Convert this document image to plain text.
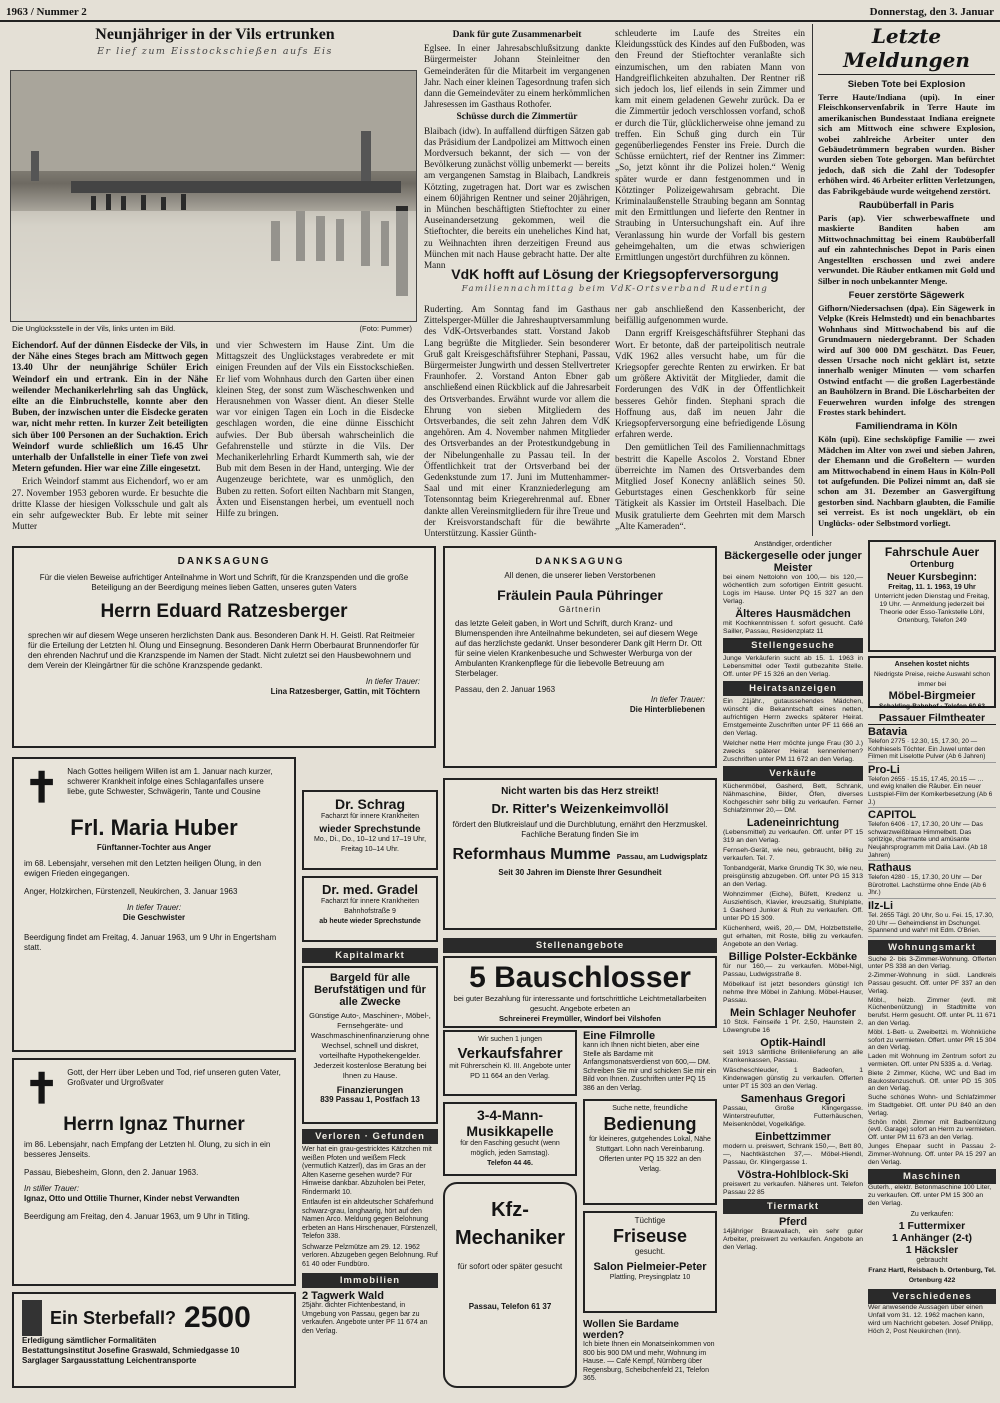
1963 / Nummer 2	Donnerstag, den 3. Januar
Neunjähriger in der Vils ertrunken
Er lief zum Eisstockschießen aufs Eis
Die Unglücksstelle in der Vils, links unten im Bild.	(Foto: Pummer)

Eichendorf. Auf der dünnen Eisdecke der Vils, in der Nähe eines Steges brach am Mittwoch gegen 13.40 Uhr der neunjährige Schüler Erich Weindorf ein und ertrank. Ein in der Nähe weilender Mechanikerlehrling sah das Unglück, eilte an die Einbruchstelle, konnte aber den Buben, der inzwischen unter die Eisdecke geraten war, nicht mehr retten. In kurzer Zeit beteiligten sich über 100 Personen an der Suchaktion. Erich Weindorf wurde schließlich um 16.45 Uhr unterhalb der Unfallstelle in einer Tiefe von zwei Metern gefunden. Hier war eine Zille eingesetzt.

Erich Weindorf stammt aus Eichendorf, wo er am 27. November 1953 geboren wurde. Er besuchte die dritte Klasse der hiesigen Volksschule und galt als ein sehr aufgeweckter Bub. Er lebte mit seiner Mutter

und vier Schwestern im Hause Zint. Um die Mittagszeit des Unglückstages verabredete er mit einigen Freunden auf der Vils ein Eisstockschießen. Er lief vom Wohnhaus durch den Garten über einen kleinen Steg, der sonst zum Wäscheschwenken und Herausnehmen von Wasser dient. An dieser Stelle war vor einigen Tagen ein Loch in die Eisdecke geschlagen worden, die eine dünne Eisschicht aufwies. Der Bub übersah wahrscheinlich die Gefahrenstelle und stürzte in die Vils. Der Mechanikerlehrling Erhardt Kummerth sah, wie der Bub mit dem Besen in der Hand, unterging. Wie der Augenzeuge berichtete, war es unmöglich, den Buben zu retten. Sofort eilten Nachbarn mit Stangen, Äxten und Eisenstangen herbei, um eventuell noch Hilfe zu bringen.

Dank für gute Zusammenarbeit

Eglsee. In einer Jahresabschlußsitzung dankte Bürgermeister Johann Steinleitner den Gemeinderäten für die Mitarbeit im vergangenen Jahr. Nach einer kleinen Tagesordnung trafen sich dann die Gemeindeväter zu einem herkömmlichen Jahresessen im Gasthaus Rothofer.

Schüsse durch die Zimmertür

Blaibach (idw). In auffallend dürftigen Sätzen gab das Präsidium der Landpolizei am Mittwoch einen Mordversuch bekannt, der sich — von der Bevölkerung zunächst völlig unbemerkt — bereits am vergangenen Samstag in Blaibach, Landkreis Kötzting, zugetragen hat. Dort war es zwischen einem 60jährigen Rentner und seiner 20jährigen, in München beschäftigten Stieftochter zu einer Auseinandersetzung gekommen, weil die Stieftochter, die bereits ein uneheliches Kind hat, zu Weihnachten ihren derzeitigen Freund aus München mit nach Hause gebracht hatte. Der alte Mann

schleuderte im Laufe des Streites ein Kleidungsstück des Kindes auf den Fußboden, was den Freund der Stieftochter veranlaßte sich einzumischen, um den rabiaten Mann von Handgreiflichkeiten abzuhalten. Der Rentner riß sich jedoch los, lief eilends in sein Zimmer und kam mit einem geladenen Gewehr zurück. Da er die Zimmertür jedoch verschlossen vorfand, schoß er durch die Tür, glücklicherweise ohne jemand zu treffen. Ein Schuß ging durch ein Tür gegenüberliegendes Fenster ins Freie. Durch die Schüsse ernüchtert, rief der Rentner ins Zimmer: „So, jetzt könnt ihr die Polizei holen.“ Wenig später wurde er dann festgenommen und in Kötztinger Polizeigewahrsam gebracht. Die Kriminalaußenstelle Straubing begann am Sonntag mit den Ermittlungen und lieferte den Rentner in Straubing in Untersuchungshaft ein. Auf ihre Veranlassung hin wurde der Vorfall bis gestern geheimgehalten, um die etwas schwierigen Ermittlungen ungestört durchführen zu können.

VdK hofft auf Lösung der Kriegsopferversorgung
Familiennachmittag beim VdK-Ortsverband Ruderting

Ruderting. Am Sonntag fand im Gasthaus Zittelsperger-Müller die Jahreshauptversammlung des VdK-Ortsverbandes statt. Vorstand Jakob Lang begrüßte die Mitglieder. Sein besonderer Gruß galt Kreisgeschäftsführer Stephani, Passau, Bürgermeister Jungwirth und dessen Stellvertreter Fraunhofer. 2. Vorstand Anton Ebner gab anschließend einen Rückblick auf die Jahresarbeit des Ortsverbandes. Erwähnt wurde vor allem die Ehrung von sieben Mitgliedern des Ortsverbandes, die seit zehn Jahren dem VdK angehören. Am 4. November nahmen Mitglieder des Ortsverbandes an der Protestkundgebung in der Nibelungenhalle zu Passau teil. In der Öffentlichkeit trat der Ortsverband bei der Gedenkstunde zum 17. Juni im Muttenhammer-Saal und mit einer Kranzniederlegung am Totensonntag beim Kriegerehrenmal auf. Ebner dankte allen Vereinsmitgliedern für ihre Treue und der Kreisvorstandschaft für die bewährte Unterstützung. Kassier Günth-

ner gab anschließend den Kassenbericht, der beifällig aufgenommen wurde.

Dann ergriff Kreisgeschäftsführer Stephani das Wort. Er betonte, daß der parteipolitisch neutrale VdK 1962 alles versucht habe, um für die Kriegsopfer gerechte Renten zu erwirken. Er bat um größere Aktivität der Mitglieder, damit die Forderungen des VdK in der Öffentlichkeit besseres Gehör finden. Stephani sprach die Hoffnung aus, daß im neuen Jahr die Kriegsopferversorgung eine befriedigende Lösung erfahren werde.

Den gemütlichen Teil des Familiennachmittags bestritt die Kapelle Ascolos 2. Vorstand Ebner überreichte im Namen des Ortsverbandes dem Mitglied Josef Konecny anläßlich seines 50. Geburtstages einen Geschenkkorb für seine Tätigkeit als Kassier im Ortsteil Haselbach. Die Musik gratulierte dem Geehrten mit dem Marsch „Alte Kameraden“.

Letzte Meldungen
Sieben Tote bei Explosion
Terre Haute/Indiana (upi). In einer Fleischkonservenfabrik in Terre Haute im amerikanischen Bundesstaat Indiana ereignete sich am Mittwoch eine schwere Explosion, wobei zahlreiche Arbeiter unter den Gebäudetrümmern begraben wurden. Bisher wurden sieben Tote geborgen. Man befürchtet jedoch, daß sich die Zahl der Todesopfer erhöhen wird. 46 Arbeiter erlitten Verletzungen, das Fabrikgebäude wurde weitgehend zerstört.
Raubüberfall in Paris
Paris (ap). Vier schwerbewaffnete und maskierte Banditen haben am Mittwochnachmittag bei einem Raubüberfall auf ein zahntechnisches Depot in Paris einen Angestellten erschossen und zwei andere verwundet. Die Räuber entkamen mit Gold und Silber in noch unbekannter Menge.
Feuer zerstörte Sägewerk
Gifhorn/Niedersachsen (dpa). Ein Sägewerk in Velpke (Kreis Helmstedt) und ein benachbartes Wohnhaus sind Mittwochabend bis auf die Grundmauern niedergebrannt. Der Schaden wird auf 300 000 DM geschätzt. Das Feuer, dessen Ursache noch nicht geklärt ist, setzte innerhalb weniger Minuten — vom scharfen Ostwind entfacht — die großen Lagerbestände an Bauhölzern in Brand. Die Löscharbeiten der Feuerwehren wurden infolge des strengen Frostes stark behindert.
Familiendrama in Köln
Köln (upi). Eine sechsköpfige Familie — zwei Mädchen im Alter von zwei und sieben Jahren, der Ehemann und die Großeltern — wurden am Mittwochabend in einem Haus in Köln-Poll tot aufgefunden. Die Polizei nimmt an, daß sie schon am 31. Dezember an Gasvergiftung gestorben sind. Nachbarn glaubten, die Familie sei verreist. Es ist noch ungeklärt, ob ein Unglücks- oder Selbstmord vorliegt.
DANKSAGUNG
Für die vielen Beweise aufrichtiger Anteilnahme in Wort und Schrift, für die Kranzspenden und die große Beteiligung an der Beerdigung meines lieben Gatten, unseres guten Vaters
Herrn Eduard Ratzesberger
sprechen wir auf diesem Wege unseren herzlichsten Dank aus. Besonderen Dank H. H. Geistl. Rat Reitmeier für die Erteilung der Letzten hl. Ölung und Einsegnung. Besonderen Dank Herrn Oberbaurat Brunnendorfer für den ehrenden Nachruf und die Kranzspende im Namen der Stadt. Nicht zuletzt sei den Hausbewohnern und dem Verein der Kleingärtner für die schöne Kranzspende gedankt.
In tiefer Trauer:
Lina Ratzesberger, Gattin, mit Töchtern
DANKSAGUNG
All denen, die unserer lieben Verstorbenen
Fräulein Paula Pühringer
Gärtnerin
das letzte Geleit gaben, in Wort und Schrift, durch Kranz- und Blumenspenden ihre Anteilnahme bekundeten, sei auf diesem Wege auf das herzlichste gedankt. Unser besonderer Dank gilt Herrn Dr. Ott für seine vielen Krankenbesuche und Schwester Werburga von der Ambulanten Krankenpflege für die liebevolle Betreuung am Sterbelager.
Passau, den 2. Januar 1963
In tiefer Trauer:
Die Hinterbliebenen
✝ Nach Gottes heiligem Willen ist am 1. Januar nach kurzer, schwerer Krankheit infolge eines Schlaganfalles unsere liebe, gute Schwester, Schwägerin, Tante und Cousine
Frl. Maria Huber
Fünftanner-Tochter aus Anger
im 68. Lebensjahr, versehen mit den Letzten heiligen Ölung, in den ewigen Frieden eingegangen.
Anger, Holzkirchen, Fürstenzell, Neukirchen, 3. Januar 1963
In tiefer Trauer:
Die Geschwister
Beerdigung findet am Freitag, 4. Januar 1963, um 9 Uhr in Engertsham statt.
✝ Gott, der Herr über Leben und Tod, rief unseren guten Vater, Großvater und Urgroßvater
Herrn Ignaz Thurner
im 86. Lebensjahr, nach Empfang der Letzten hl. Ölung, zu sich in ein besseres Jenseits.
Passau, Biebesheim, Glonn, den 2. Januar 1963.
In stiller Trauer:
Ignaz, Otto und Ottilie Thurner, Kinder nebst Verwandten
Beerdigung am Freitag, den 4. Januar 1963, um 9 Uhr in Titling.
Ein Sterbefall? 2500
Erledigung sämtlicher Formalitäten
Bestattungsinstitut Josefine Graswald, Schmiedgasse 10
Sarglager Sargausstattung Leichentransporte
Dr. Schrag
Facharzt für innere Krankheiten
wieder Sprechstunde
Mo., Di., Do., 10–12 und 17–19 Uhr, Freitag 10–14 Uhr.
Dr. med. Gradel
Facharzt für innere Krankheiten
Bahnhofstraße 9
ab heute wieder Sprechstunde
Kapitalmarkt
Bargeld für alle Berufstätigen und für alle Zwecke
Günstige Auto-, Maschinen-, Möbel-, Fernsehgeräte- und Waschmaschinenfinanzierung ohne Wechsel, schnell und diskret, vorteilhafte Hypothekengelder. Jederzeit kostenlose Beratung bei Ihnen zu Hause.
Finanzierungen
839 Passau 1, Postfach 13
Verloren · Gefunden
Wer hat ein grau-gestricktes Kätzchen mit weißen Pfoten und weißem Fleck (vermutlich Katzerl), das im Gras an der Alten Kaserne gesehen wurde? Für Hinweise dankbar. Abzuholen bei Peter, Rindermarkt 10.
Entlaufen ist ein altdeutscher Schäferhund schwarz-grau, langhaarig, hört auf den Namen Arco. Meldung gegen Belohnung erbeten an Hans Hirschenauer, Fürstenzell, Telefon 338.
Schwarze Pelzmütze am 29. 12. 1962 verloren. Abzugeben gegen Belohnung. Ruf 61 40 oder Fundbüro.
Immobilien
2 Tagwerk Wald
25jähr. dichter Fichtenbestand, in Umgebung von Passau, gegen bar zu verkaufen. Angebote unter PF 11 674 an den Verlag.
Nicht warten bis das Herz streikt!
Dr. Ritter's Weizenkeimvollöl
fördert den Blutkreislauf und die Durchblutung, ernährt den Herzmuskel. Fachliche Beratung finden Sie im
Reformhaus Mumme Passau, am Ludwigsplatz
Seit 30 Jahren im Dienste Ihrer Gesundheit
Stellenangebote
5 Bauschlosser
bei guter Bezahlung für interessante und fortschrittliche Leichtmetallarbeiten gesucht. Angebote erbeten an
Schreinerei Freymüller, Windorf bei Vilshofen
Wir suchen 1 jungen
Verkaufsfahrer
mit Führerschein Kl. III. Angebote unter PD 11 664 an den Verlag.
3-4-Mann-Musikkapelle
für den Fasching gesucht (wenn möglich, jeden Samstag).
Telefon 44 46.
Kfz-Mechaniker
für sofort oder später gesucht
Passau, Telefon 61 37
Eine Filmrolle
kann ich Ihnen nicht bieten, aber eine Stelle als Bardame mit Anfangsmonatsverdienst von 600,— DM. Schreiben Sie mir und schicken Sie mir ein Bild von Ihnen. Zuschriften unter PQ 15 386 an den Verlag.
Suche nette, freundliche
Bedienung
für kleineres, gutgehendes Lokal, Nähe Stuttgart. Lohn nach Vereinbarung. Offerten unter PQ 15 322 an den Verlag.
Tüchtige
Friseuse
gesucht.
Salon Pielmeier-Peter
Plattling, Preysingplatz 10
Wollen Sie Bardame werden?
Ich biete Ihnen ein Monatseinkommen von 800 bis 900 DM und mehr, Wohnung im Hause. — Café Kempf, Nürnberg über Regensburg, Scheibchenfeld 21, Telefon 365.
Anständiger, ordentlicher
Bäckergeselle oder junger Meister
bei einem Nettolohn von 100,— bis 120,— wöchentlich zum sofortigen Eintritt gesucht. Logis im Hause. Unter PQ 15 327 an den Verlag.
Älteres Hausmädchen
mit Kochkenntnissen f. sofort gesucht. Café Sailler, Passau, Residenzplatz 11
Stellengesuche
Junge Verkäuferin sucht ab 15. 1. 1963 in Lebensmittel oder Textil gutbezahlte Stelle. Off. unter PF 15 326 an den Verlag.
Heiratsanzeigen
Ein 21jähr., gutaussehendes Mädchen, wünscht die Bekanntschaft eines netten, aufrichtigen Herrn zwecks späterer Heirat. Ernstgemeinte Zuschriften unter PF 11 666 an den Verlag.
Welcher nette Herr möchte junge Frau (30 J.) zwecks späterer Heirat kennenlernen? Zuschriften unter PM 11 672 an den Verlag.
Verkäufe
Küchenmöbel, Gasherd, Bett, Schrank, Nähmaschine, Bilder, Öfen, diverses Kochgeschirr sehr billig zu verkaufen. Ferner Schlafzimmer 20,— DM.
Ladeneinrichtung
(Lebensmittel) zu verkaufen. Off. unter PT 15 319 an den Verlag.
Fernseh-Gerät, wie neu, gebraucht, billig zu verkaufen. Tel. 7.
Tonbandgerät, Marke Grundig TK 30, wie neu, preisgünstig abzugeben. Off. unter PG 15 313 an den Verlag.
Wohnzimmer (Eiche), Büfett, Kredenz u. Ausziehtisch, Klavier, kreuzsaitig, Stuhlplatte, 1 Gasherd Junker & Ruh zu verkaufen. Off. unter PD 15 309.
Küchenherd, weiß, 20,— DM, Holzbettstelle, gut erhalten, mit Roste, billig zu verkaufen. Angebote an den Verlag.
Billige Polster-Eckbänke
für nur 160,— zu verkaufen. Möbel-Nigl, Passau, Ludwigsstraße 8.
Möbelkauf ist jetzt besonders günstig! Ich nehme Ihre Möbel in Zahlung. Möbel-Hauser, Passau.
Mein Schlager Neuhofer
10 Stck. Feinseife 1 Pf. 2,50, Haunstein 2, Löwengrube 16
Optik-Haindl
seit 1913 sämtliche Brillenlieferung an alle Krankenkassen, Passau.
Wäscheschleuder, 1 Badeofen, 1 Kinderwagen günstig zu verkaufen. Offerten unter PT 15 303 an den Verlag.
Samenhaus Gregori
Passau, Große Klingergasse. Winterstreufutter, Futterhäuschen, Meisenknödel, Vogelkäfige.
Einbettzimmer
modern u. preiswert, Schrank 150,—, Bett 80,—, Nachtkästchen 37,—. Möbel-Hiendl, Passau, Gr. Klingergasse 1.
Vöstra-Hohlblock-Ski
preiswert zu verkaufen. Näheres unt. Telefon Passau 22 85
Tiermarkt
Pferd
14jähriger Brauwallach, ein sehr guter Arbeiter, preiswert zu verkaufen. Angebote an den Verlag.
Fahrschule Auer
Ortenburg
Neuer Kursbeginn:
Freitag, 11. 1. 1963, 19 Uhr
Unterricht jeden Dienstag und Freitag, 19 Uhr. — Anmeldung jederzeit bei Theorie oder Esso-Tankstelle Löhl, Ortenburg, Telefon 249
Ansehen kostet nichts
Niedrigste Preise, reiche Auswahl schon immer bei
Möbel-Birgmeier
Schalding-Bahnhof · Telefon 60 63
Passauer Filmtheater
Batavia
Telefon 2775 · 12.30, 15, 17.30, 20 — Kohlhiesels Töchter. Ein Juwel unter den Filmen mit Liselotte Pulver (Ab 6 Jahren)
Pro-Li
Telefon 2655 · 15.15, 17.45, 20.15 — … und ewig knallen die Räuber. Ein neuer Lustspiel-Film der Komikerbesetzung (Ab 6 J.)
CAPITOL
Telefon 6406 · 17, 17.30, 20 Uhr — Das schwarzweißblaue Himmelbett. Das spritzige, charmante und amüsante Neujahrsprogramm mit Dalia Lavi. (Ab 18 Jahren)
Rathaus
Telefon 4280 · 15, 17.30, 20 Uhr — Der Bürotrottel. Lachstürme ohne Ende (Ab 6 Jhr.)
Ilz-Li
Tel. 2655 Tägl. 20 Uhr, So u. Fei. 15, 17.30, 20 Uhr — Geheimdienst im Dschungel. Spannend und wahr! mit Edm. O'Brien.
Wohnungsmarkt
Suche 2- bis 3-Zimmer-Wohnung. Offerten unter PS 338 an den Verlag.
2-Zimmer-Wohnung in südl. Landkreis Passau gesucht. Off. unter PF 337 an den Verlag.
Möbl., heizb. Zimmer (evtl. mit Küchenbenützung) in Stadtmitte von berufst. Herrn gesucht. Off. unter PL 11 671 an den Verlag.
Möbl. 1-Bett- u. Zweibettzi. m. Wohnküche sofort zu vermieten. Offert. unter PR 15 304 an den Verlag.
Laden mit Wohnung im Zentrum sofort zu vermieten. Off. unter PN 5335 a. d. Verlag.
Biete 2 Zimmer, Küche, WC und Bad im Baukostenzuschuß. Off. unter PD 15 305 an den Verlag.
Suche schönes Wohn- und Schlafzimmer im Stadtgebiet. Off. unter PU 840 an den Verlag.
Schön möbl. Zimmer mit Badbenützung (evtl. Garage) sofort an Herrn zu vermieten. Off. unter PM 11 673 an den Verlag.
Junges Ehepaar sucht in Passau 2-Zimmer-Wohnung. Off. unter PA 15 297 an den Verlag.
Maschinen
Guterh., elektr. Betonmaschine 100 Liter, zu verkaufen. Off. unter PM 15 300 an den Verlag.
Zu verkaufen:
1 Futtermixer
1 Anhänger (2-t)
1 Häcksler
gebraucht
Franz Hartl, Reisbach b. Ortenburg, Tel. Ortenburg 422
Verschiedenes
Wer anwesende Aussagen über einen Unfall vom 31. 12. 1962 machen kann, wird um Nachricht gebeten. Josef Philipp, Höch 2, Post Neukirchen (Inn).
